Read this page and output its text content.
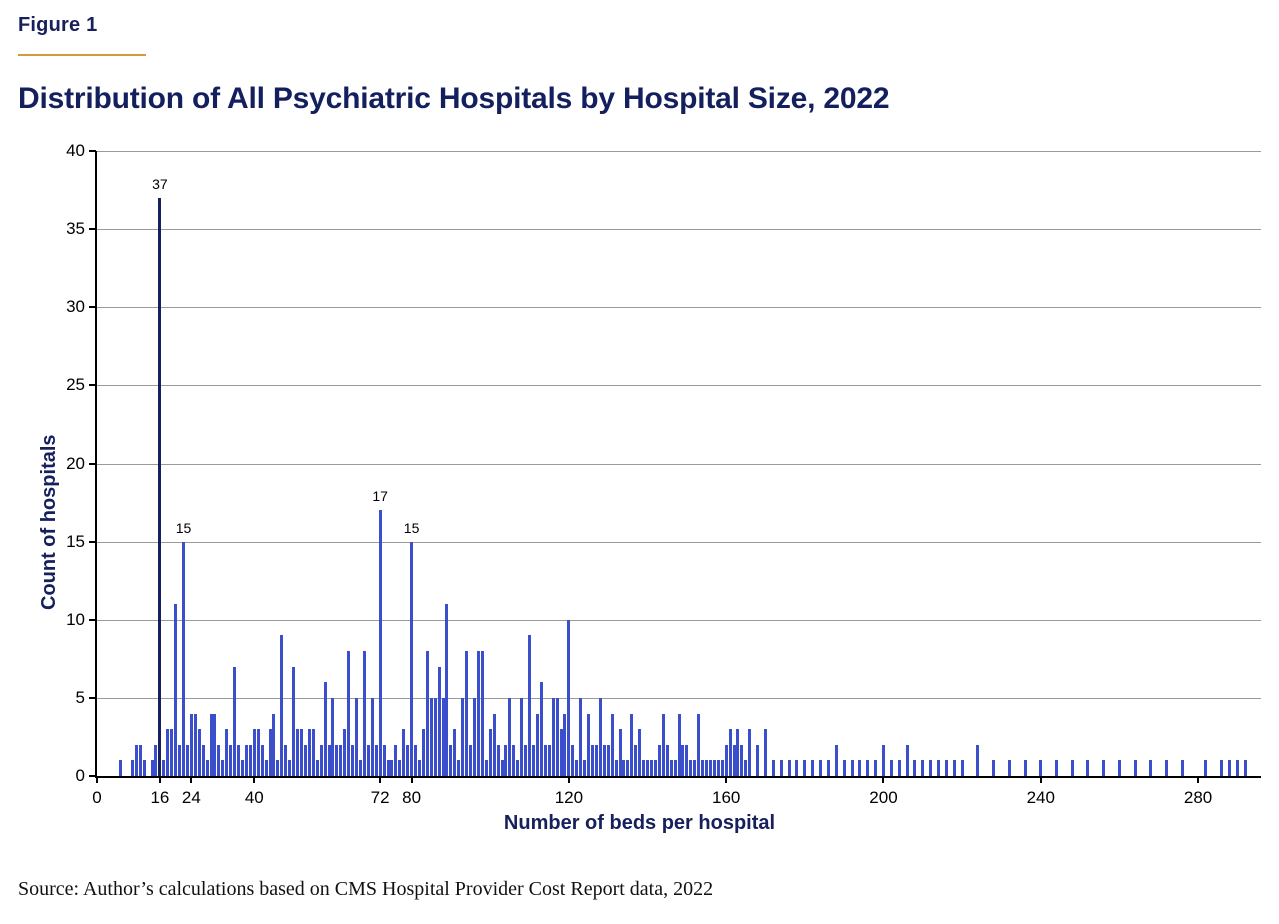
Figure 1
Distribution of All Psychiatric Hospitals by Hospital Size, 2022
0
5
10
15
20
25
30
35
40
37
15
17
15
0	16 24	40	72 80	120	160	200	240	280
Count of hospitals
Number of beds per hospital
Source: Author’s calculations based on CMS Hospital Provider Cost Report data, 2022
